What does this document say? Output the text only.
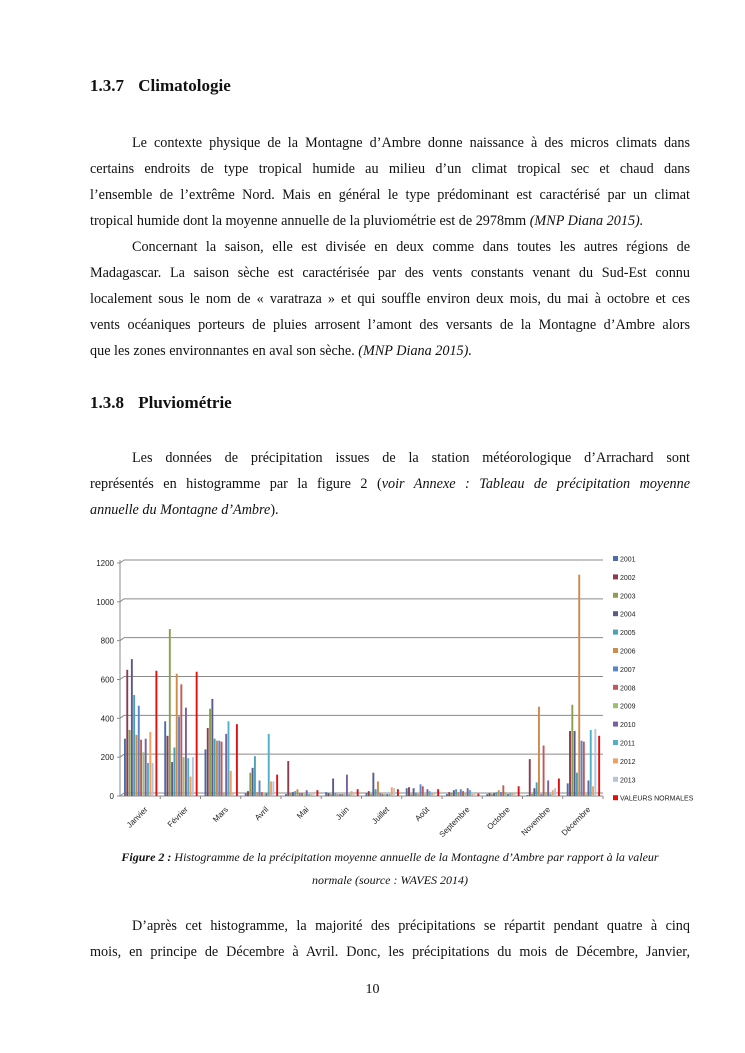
1.3.7 Climatologie
Le contexte physique de la Montagne d’Ambre donne naissance à des micros climats dans
certains endroits de type tropical humide au milieu d’un climat tropical sec et chaud dans
l’ensemble de l’extrême Nord. Mais en général le type prédominant est caractérisé par un climat
tropical humide dont la moyenne annuelle de la pluviométrie est de 2978mm (MNP Diana 2015).
Concernant la saison, elle est divisée en deux comme dans toutes les autres régions de
Madagascar. La saison sèche est caractérisée par des vents constants venant du Sud-Est connu
localement sous le nom de « varatraza » et qui souffle environ deux mois, du mai à octobre et ces
vents océaniques porteurs de pluies arrosent l’amont des versants de la Montagne d’Ambre alors
que les zones environnantes en aval son sèche. (MNP Diana 2015).
1.3.8 Pluviométrie
Les données de précipitation issues de la station météorologique d’Arrachard sont
représentés en histogramme par la figure 2 (voir Annexe : Tableau de précipitation moyenne
annuelle du Montagne d’Ambre).
0
200
400
600
800
1000
1200
Janvier Février	Mars	Avril	Mai	Juin Juillet	Août Septembre Octobre Novembre Décembre
2001
2002
2003
2004
2005
2006
2007
2008
2009
2010
2011
2012
2013
VALEURS NORMALES
Figure 2 : Histogramme de la précipitation moyenne annuelle de la Montagne d’Ambre par rapport à la valeur
normale (source : WAVES 2014)
D’après cet histogramme, la majorité des précipitations se répartit pendant quatre à cinq
mois, en principe de Décembre à Avril. Donc, les précipitations du mois de Décembre, Janvier,
10
